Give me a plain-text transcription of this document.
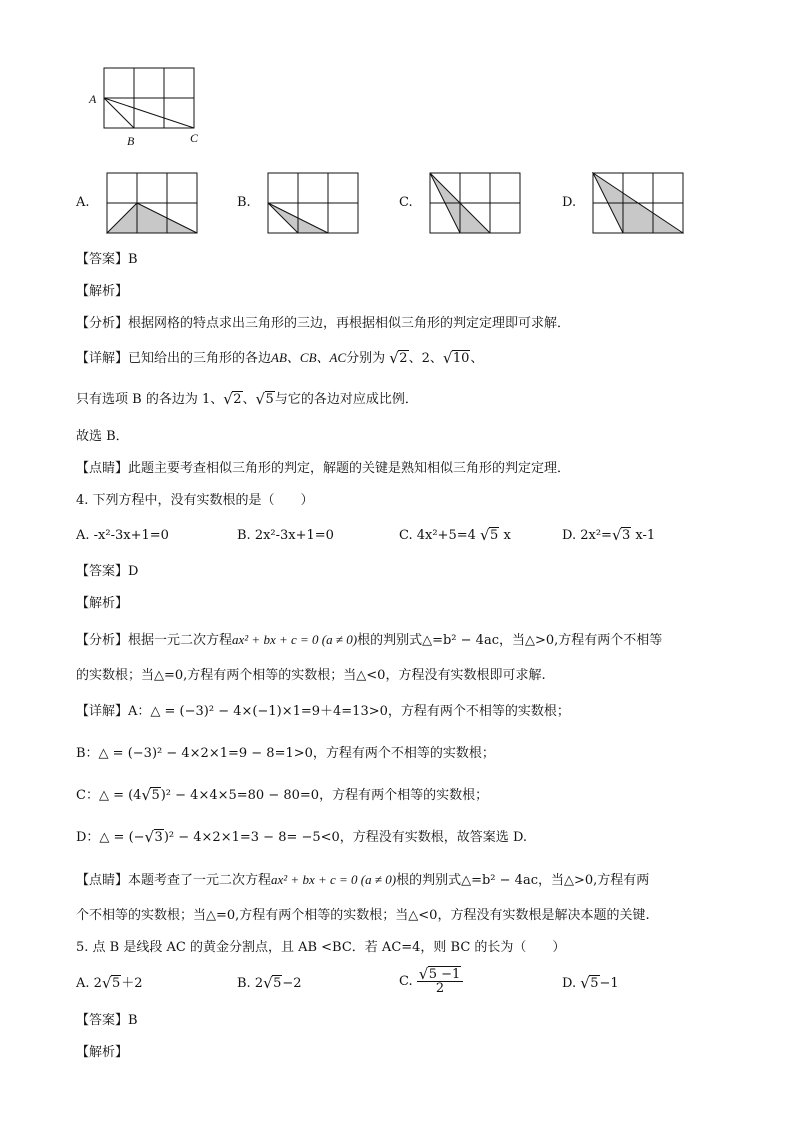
A
B	C
A.	B.	C.	D.
【答案】B
【解析】
【分析】根据网格的特点求出三角形的三边，再根据相似三角形的判定定理即可求解．
【详解】已知给出的三角形的各边AB、CB、AC分别为 √ 2、2、 √ 10、
只有选项 B 的各边为 1、 √ 2、 √ 5与它的各边对应成比例．
故选 B．
【点睛】此题主要考查相似三角形的判定，解题的关键是熟知相似三角形的判定定理．
4. 下列方程中，没有实数根的是（　　）
A. -x²-3x+1=0	B. 2x²-3x+1=0	C. 4x²+5=4 √ 5 x	D. 2x²= √ 3 x-1
【答案】D
【解析】
【分析】根据一元二次方程ax² + bx + c = 0 (a ≠ 0)根的判别式△=b² − 4ac，当△>0,方程有两个不相等
的实数根；当△=0,方程有两个相等的实数根；当△<0，方程没有实数根即可求解.
【详解】A：△ = (−3)² − 4×(−1)×1=9＋4=13>0，方程有两个不相等的实数根；
B：△ = (−3)² − 4×2×1=9 − 8=1>0，方程有两个不相等的实数根；
C：△ = (4 √ 5)² − 4×4×5=80 − 80=0，方程有两个相等的实数根；
D：△ = (− √ 3)² − 4×2×1=3 − 8= −5<0，方程没有实数根，故答案选 D.
【点睛】本题考查了一元二次方程ax² + bx + c = 0 (a ≠ 0)根的判别式△=b² − 4ac，当△>0,方程有两
个不相等的实数根；当△=0,方程有两个相等的实数根；当△<0，方程没有实数根是解决本题的关键.
5. 点 B 是线段 AC 的黄金分割点，且 AB <BC．若 AC=4，则 BC 的长为（　　）
A. 2 √ 5＋2	B. 2 √ 5−2	C. √ $\frac{5 -1}{2}$	D. √ 5−1
【答案】B
【解析】
